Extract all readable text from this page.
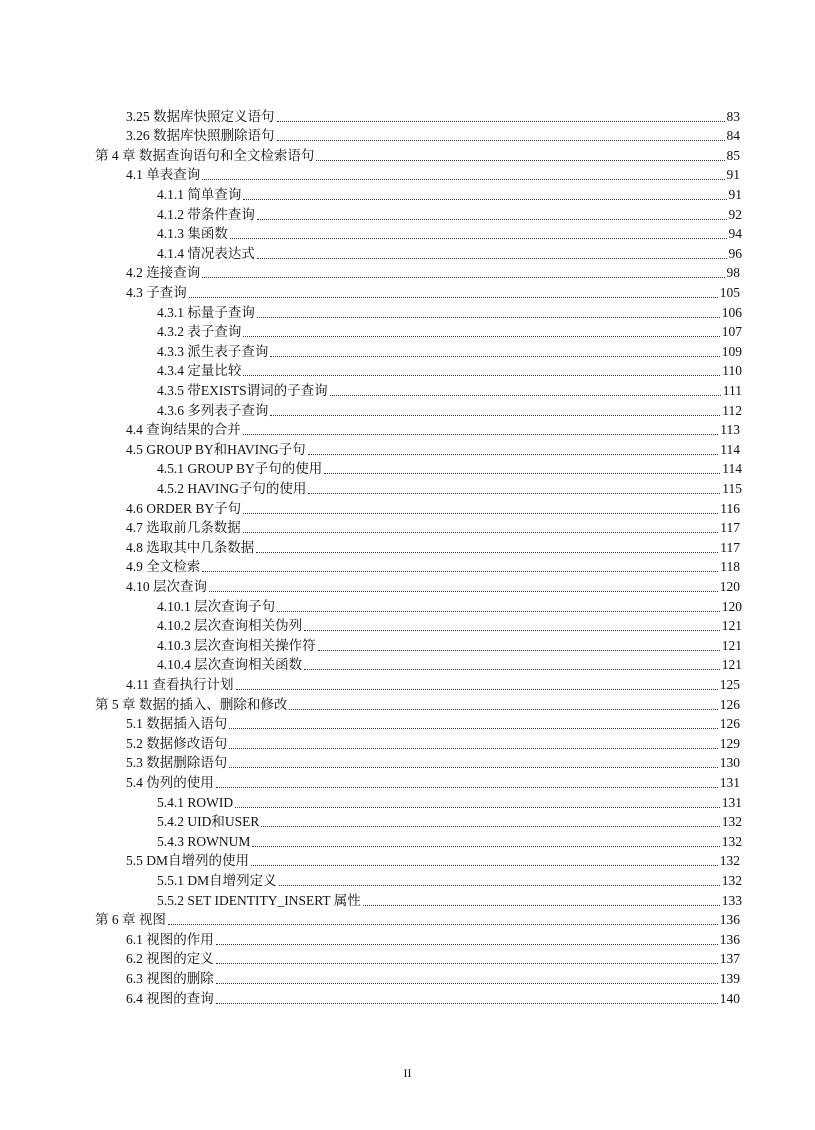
3.25 数据库快照定义语句	83
3.26 数据库快照删除语句	84
第 4 章 数据查询语句和全文检索语句	85
4.1 单表查询	91
4.1.1 简单查询	91
4.1.2 带条件查询	92
4.1.3 集函数	94
4.1.4 情况表达式	96
4.2 连接查询	98
4.3 子查询	105
4.3.1 标量子查询	106
4.3.2 表子查询	107
4.3.3 派生表子查询	109
4.3.4 定量比较	110
4.3.5 带EXISTS谓词的子查询	111
4.3.6 多列表子查询	112
4.4 查询结果的合并	113
4.5 GROUP BY和HAVING子句	114
4.5.1 GROUP BY子句的使用	114
4.5.2 HAVING子句的使用	115
4.6 ORDER BY子句	116
4.7 选取前几条数据	117
4.8 选取其中几条数据	117
4.9 全文检索	118
4.10 层次查询	120
4.10.1 层次查询子句	120
4.10.2 层次查询相关伪列	121
4.10.3 层次查询相关操作符	121
4.10.4 层次查询相关函数	121
4.11 查看执行计划	125
第 5 章 数据的插入、删除和修改	126
5.1 数据插入语句	126
5.2 数据修改语句	129
5.3 数据删除语句	130
5.4 伪列的使用	131
5.4.1 ROWID	131
5.4.2 UID和USER	132
5.4.3 ROWNUM	132
5.5 DM自增列的使用	132
5.5.1 DM自增列定义	132
5.5.2 SET IDENTITY_INSERT 属性	133
第 6 章 视图	136
6.1 视图的作用	136
6.2 视图的定义	137
6.3 视图的删除	139
6.4 视图的查询	140
II
